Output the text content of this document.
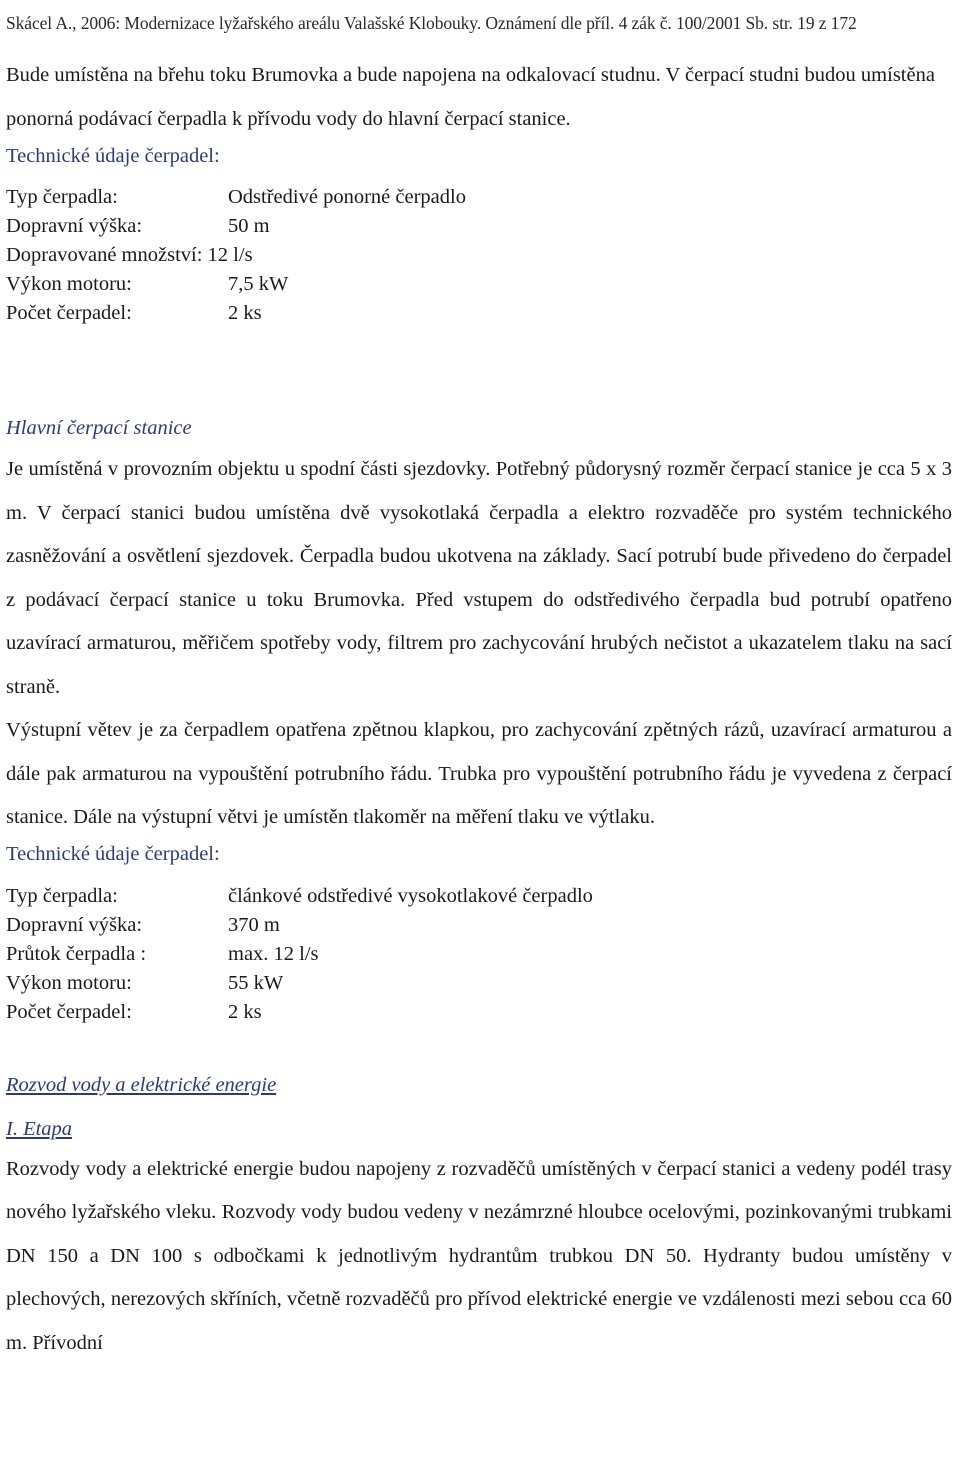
Skácel A., 2006: Modernizace lyžařského areálu Valašské Klobouky. Oznámení dle příl. 4 zák č. 100/2001 Sb. str. 19 z 172

Bude umístěna na břehu toku Brumovka a bude napojena na odkalovací studnu. V čerpací studni budou umístěna ponorná podávací čerpadla k přívodu vody do hlavní čerpací stanice.

Technické údaje čerpadel:

Typ čerpadla:	Odstředivé ponorné čerpadlo
Dopravní výška:	50 m
Dopravované množství: 12 l/s	
Výkon motoru:	7,5 kW
Počet čerpadel:	2 ks

Hlavní čerpací stanice

Je umístěná v provozním objektu u spodní části sjezdovky. Potřebný půdorysný rozměr čerpací stanice je cca 5 x 3 m. V čerpací stanici budou umístěna dvě vysokotlaká čerpadla a elektro rozvaděče pro systém technického zasněžování a osvětlení sjezdovek. Čerpadla budou ukotvena na základy. Sací potrubí bude přivedeno do čerpadel z podávací čerpací stanice u toku Brumovka. Před vstupem do odstředivého čerpadla bud potrubí opatřeno uzavírací armaturou, měřičem spotřeby vody, filtrem pro zachycování hrubých nečistot a ukazatelem tlaku na sací straně.

Výstupní větev je za čerpadlem opatřena zpětnou klapkou, pro zachycování zpětných rázů, uzavírací armaturou a dále pak armaturou na vypouštění potrubního řádu. Trubka pro vypouštění potrubního řádu je vyvedena z čerpací stanice. Dále na výstupní větvi je umístěn tlakoměr na měření tlaku ve výtlaku.

Technické údaje čerpadel:

Typ čerpadla:	článkové odstředivé vysokotlakové čerpadlo
Dopravní výška:	370 m
Průtok čerpadla :	max. 12 l/s
Výkon motoru:	55 kW
Počet čerpadel:	2 ks

Rozvod vody a elektrické energie

I. Etapa

Rozvody vody a elektrické energie budou napojeny z rozvaděčů umístěných v čerpací stanici a vedeny podél trasy nového lyžařského vleku. Rozvody vody budou vedeny v nezámrzné hloubce ocelovými, pozinkovanými trubkami DN 150 a DN 100 s odbočkami k jednotlivým hydrantům trubkou DN 50. Hydranty budou umístěny v plechových, nerezových skříních, včetně rozvaděčů pro přívod elektrické energie ve vzdálenosti mezi sebou cca 60 m. Přívodní
